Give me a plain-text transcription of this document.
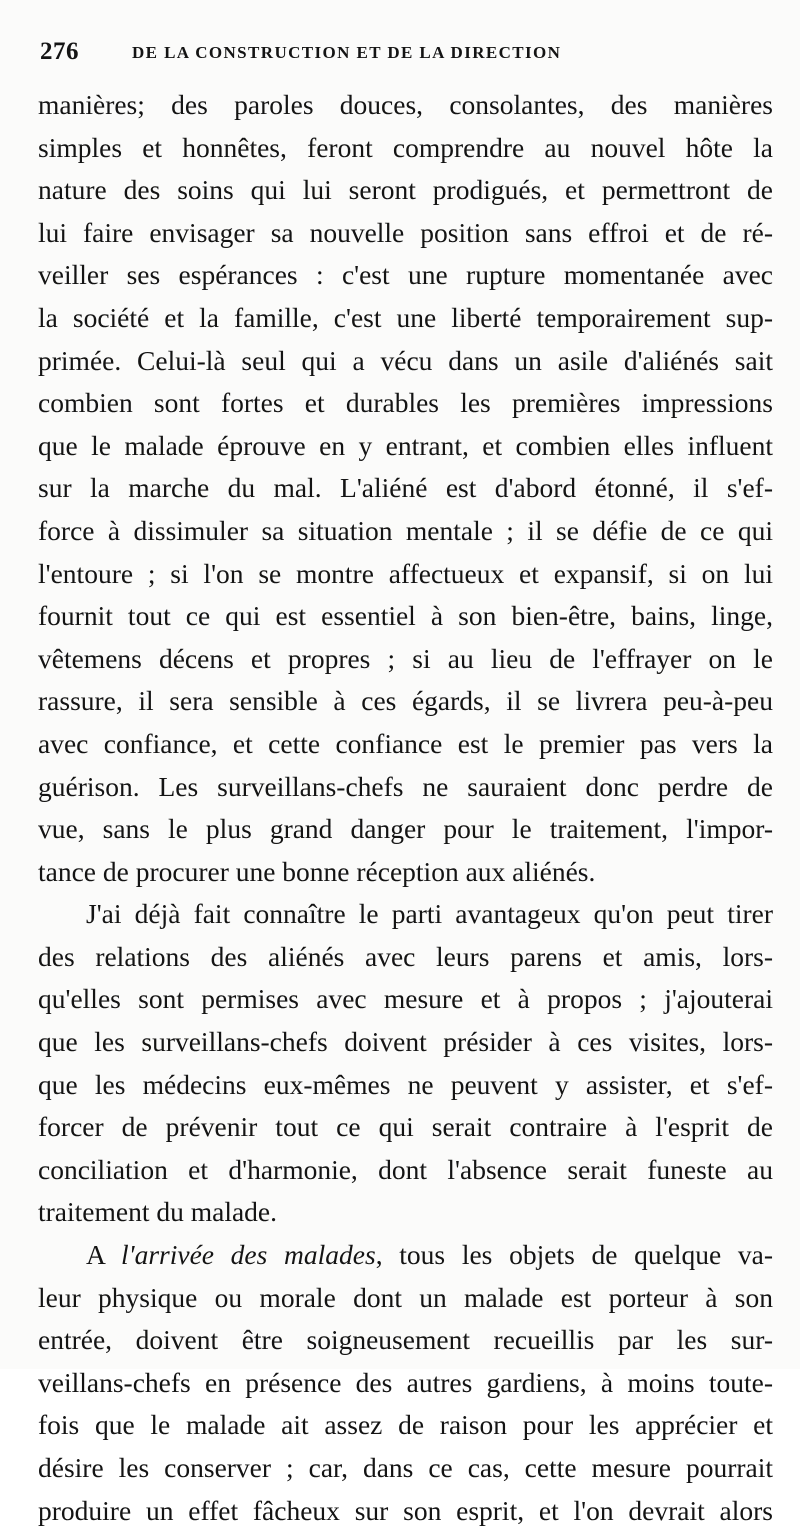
276	DE LA CONSTRUCTION ET DE LA DIRECTION
manières; des paroles douces, consolantes, des manières
simples et honnêtes, feront comprendre au nouvel hôte la
nature des soins qui lui seront prodigués, et permettront de
lui faire envisager sa nouvelle position sans effroi et de ré-
veiller ses espérances : c'est une rupture momentanée avec
la société et la famille, c'est une liberté temporairement sup-
primée. Celui-là seul qui a vécu dans un asile d'aliénés sait
combien sont fortes et durables les premières impressions
que le malade éprouve en y entrant, et combien elles influent
sur la marche du mal. L'aliéné est d'abord étonné, il s'ef-
force à dissimuler sa situation mentale ; il se défie de ce qui
l'entoure ; si l'on se montre affectueux et expansif, si on lui
fournit tout ce qui est essentiel à son bien-être, bains, linge,
vêtemens décens et propres ; si au lieu de l'effrayer on le
rassure, il sera sensible à ces égards, il se livrera peu-à-peu
avec confiance, et cette confiance est le premier pas vers la
guérison. Les surveillans-chefs ne sauraient donc perdre de
vue, sans le plus grand danger pour le traitement, l'impor-
tance de procurer une bonne réception aux aliénés.
J'ai déjà fait connaître le parti avantageux qu'on peut tirer
des relations des aliénés avec leurs parens et amis, lors-
qu'elles sont permises avec mesure et à propos ; j'ajouterai
que les surveillans-chefs doivent présider à ces visites, lors-
que les médecins eux-mêmes ne peuvent y assister, et s'ef-
forcer de prévenir tout ce qui serait contraire à l'esprit de
conciliation et d'harmonie, dont l'absence serait funeste au
traitement du malade.
A l'arrivée des malades, tous les objets de quelque va-
leur physique ou morale dont un malade est porteur à son
entrée, doivent être soigneusement recueillis par les sur-
veillans-chefs en présence des autres gardiens, à moins toute-
fois que le malade ait assez de raison pour les apprécier et
désire les conserver ; car, dans ce cas, cette mesure pourrait
produire un effet fâcheux sur son esprit, et l'on devrait alors
